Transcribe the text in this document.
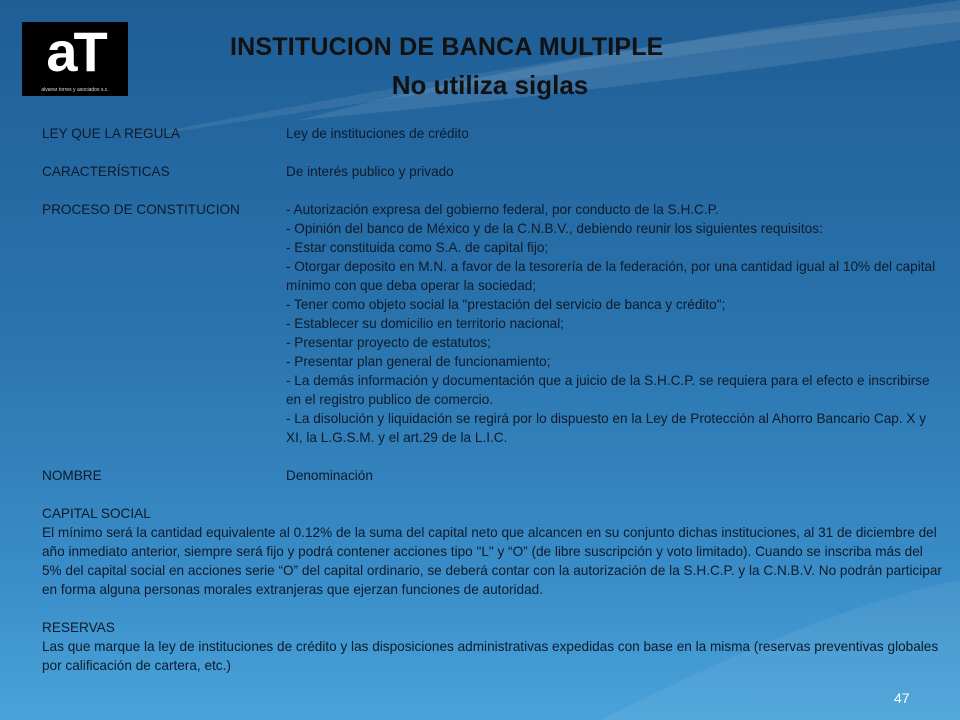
aT
alvarez torres y asociados s.c.
INSTITUCION DE BANCA MULTIPLE
No utiliza siglas
LEY QUE LA REGULA	Ley de instituciones de crédito
CARACTERÍSTICAS	De interés publico y privado
PROCESO DE CONSTITUCION	- Autorización expresa del gobierno federal, por conducto de la S.H.C.P.
- Opinión del banco de México y de la C.N.B.V., debiendo reunir los siguientes requisitos:
- Estar constituida como S.A. de capital fijo;
- Otorgar deposito en M.N. a favor de la tesorería de la federación, por una cantidad igual al 10% del capital mínimo con que deba operar la sociedad;
- Tener como objeto social la "prestación del servicio de banca y crédito";
- Establecer su domicilio en territorio nacional;
- Presentar proyecto de estatutos;
- Presentar plan general de funcionamiento;
- La demás información y documentación que a juicio de la S.H.C.P. se requiera para el efecto e inscribirse en el registro publico de comercio.
- La disolución y liquidación se regirá por lo dispuesto en la Ley de Protección al Ahorro Bancario Cap. X y XI, la L.G.S.M. y el art.29 de la L.I.C.
NOMBRE	Denominación
CAPITAL SOCIAL
El mínimo será la cantidad equivalente al 0.12% de la suma del capital neto que alcancen en su conjunto dichas instituciones, al 31 de diciembre del año inmediato anterior, siempre será fijo y podrá contener acciones tipo "L" y “O” (de libre suscripción y voto limitado). Cuando se inscriba más del 5% del capital social en acciones serie “O” del capital ordinario, se deberá contar con la autorización de la S.H.C.P. y la C.N.B.V. No podrán participar en forma alguna personas morales extranjeras que ejerzan funciones de autoridad.
RESERVAS
Las que marque la ley de instituciones de crédito y las disposiciones administrativas expedidas con base en la misma (reservas preventivas globales por calificación de cartera, etc.)
47
